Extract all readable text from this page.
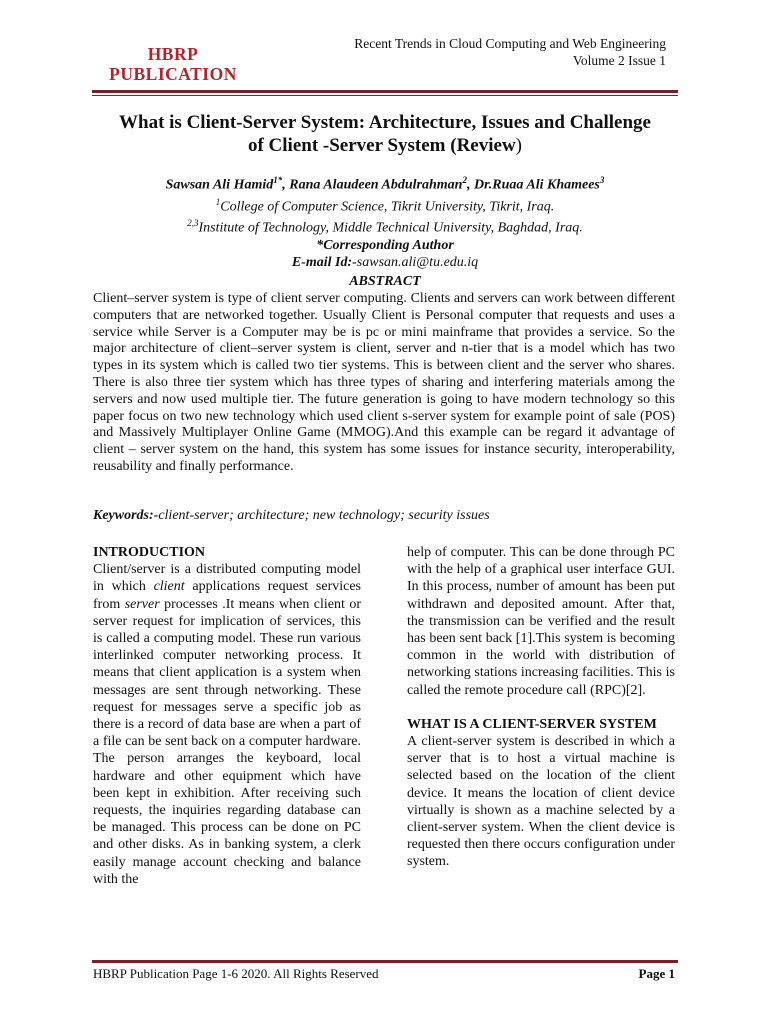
HBRP
PUBLICATION
Recent Trends in Cloud Computing and Web Engineering
Volume 2 Issue 1
What is Client-Server System: Architecture, Issues and Challenge
of Client -Server System (Review)
Sawsan Ali Hamid$^{1*}$, Rana Alaudeen Abdulrahman$^2$, Dr.Ruaa Ali Khamees$^3$
$^1$College of Computer Science, Tikrit University, Tikrit, Iraq.
$^{2,3}$Institute of Technology, Middle Technical University, Baghdad, Iraq.
*Corresponding Author
E-mail Id:-sawsan.ali@tu.edu.iq
ABSTRACT

Client–server system is type of client server computing. Clients and servers can work between different computers that are networked together. Usually Client is Personal computer that requests and uses a service while Server is a Computer may be is pc or mini mainframe that provides a service. So the major architecture of client–server system is client, server and n-tier that is a model which has two types in its system which is called two tier systems. This is between client and the server who shares. There is also three tier system which has three types of sharing and interfering materials among the servers and now used multiple tier. The future generation is going to have modern technology so this paper focus on two new technology which used client s-server system for example point of sale (POS) and Massively Multiplayer Online Game (MMOG).And this example can be regard it advantage of client – server system on the hand, this system has some issues for instance security, interoperability, reusability and finally performance.

Keywords:-client-server; architecture; new technology; security issues
INTRODUCTION

Client/server is a distributed computing model in which client applications request services from server processes .It means when client or server request for implication of services, this is called a computing model. These run various interlinked computer networking process. It means that client application is a system when messages are sent through networking. These request for messages serve a specific job as there is a record of data base are when a part of a file can be sent back on a computer hardware. The person arranges the keyboard, local hardware and other equipment which have been kept in exhibition. After receiving such requests, the inquiries regarding database can be managed. This process can be done on PC and other disks. As in banking system, a clerk easily manage account checking and balance with the

help of computer. This can be done through PC with the help of a graphical user interface GUI. In this process, number of amount has been put withdrawn and deposited amount. After that, the transmission can be verified and the result has been sent back [1].This system is becoming common in the world with distribution of networking stations increasing facilities. This is called the remote procedure call (RPC)[2].

WHAT IS A CLIENT-SERVER SYSTEM

A client-server system is described in which a server that is to host a virtual machine is selected based on the location of the client device. It means the location of client device virtually is shown as a machine selected by a client-server system. When the client device is requested then there occurs configuration under system.

HBRP Publication Page 1-6 2020. All Rights Reserved	Page 1
